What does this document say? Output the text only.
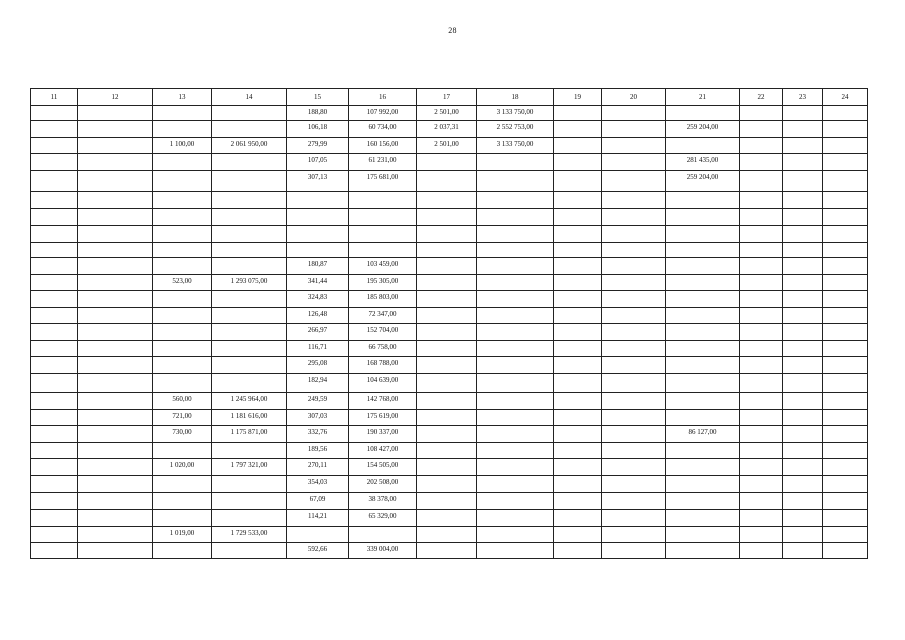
28
11	12	13	14	15	16	17	18	19	20	21	22	23	24
				188,80	107 992,00	2 501,00	3 133 750,00						
				106,18	60 734,00	2 037,31	2 552 753,00			259 204,00			
		1 100,00	2 061 950,00	279,99	160 156,00	2 501,00	3 133 750,00						
				107,05	61 231,00					281 435,00			
				307,13	175 681,00					259 204,00			

				180,87	103 459,00								
		523,00	1 293 075,00	341,44	195 305,00								
				324,83	185 803,00								
				126,48	72 347,00								
				266,97	152 704,00								
				116,71	66 758,00								
				295,08	168 788,00								
				182,94	104 639,00								
		560,00	1 245 964,00	249,59	142 768,00								
		721,00	1 181 616,00	307,03	175 619,00								
		730,00	1 175 871,00	332,76	190 337,00					86 127,00			
				189,56	108 427,00								
		1 020,00	1 797 321,00	270,11	154 505,00								
				354,03	202 508,00								
				67,09	38 378,00								
				114,21	65 329,00								
		1 019,00	1 729 533,00										
				592,66	339 004,00								
